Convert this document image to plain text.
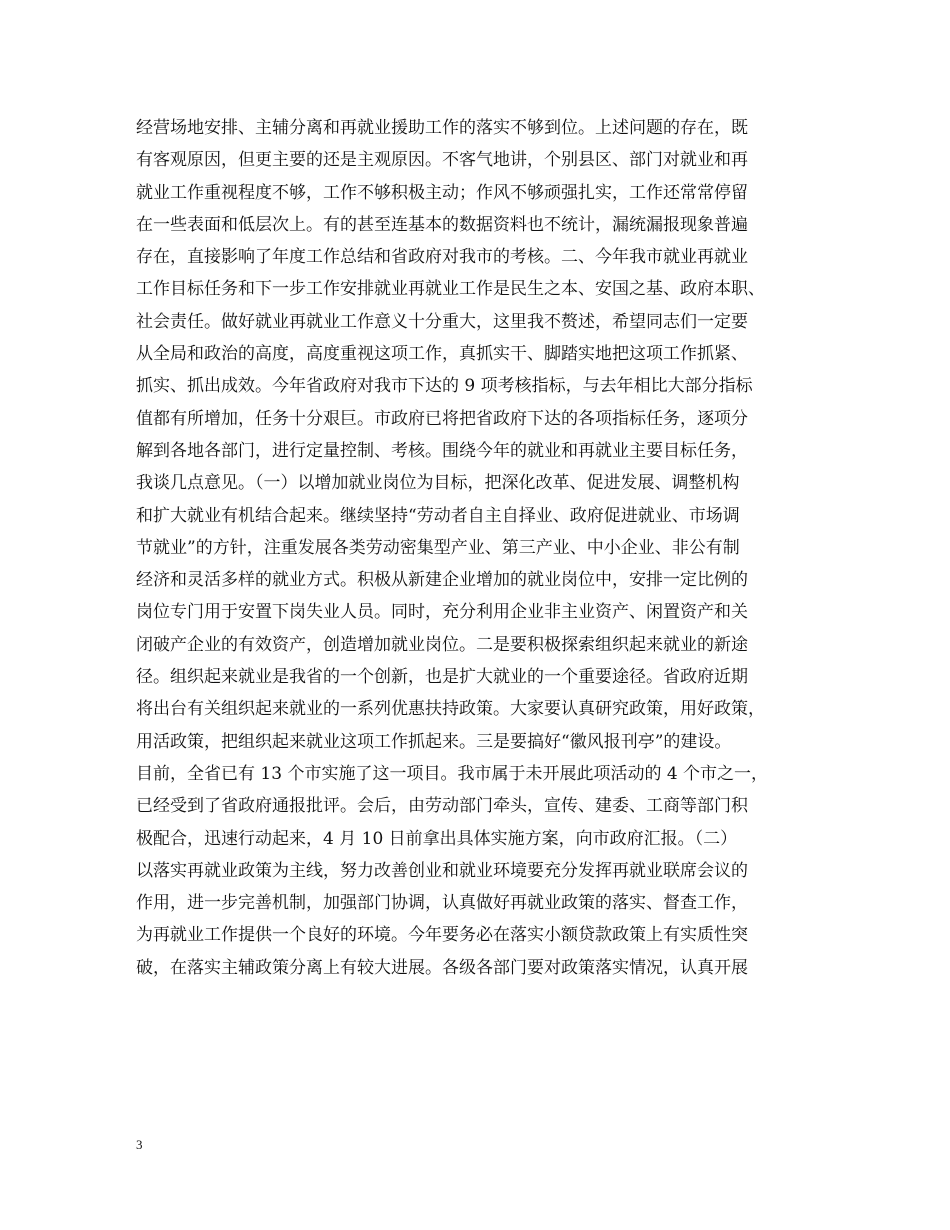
经营场地安排、主辅分离和再就业援助工作的落实不够到位。上述问题的存在，既
有客观原因，但更主要的还是主观原因。不客气地讲，个别县区、部门对就业和再
就业工作重视程度不够，工作不够积极主动；作风不够顽强扎实，工作还常常停留
在一些表面和低层次上。有的甚至连基本的数据资料也不统计，漏统漏报现象普遍
存在，直接影响了年度工作总结和省政府对我市的考核。二、今年我市就业再就业
工作目标任务和下一步工作安排就业再就业工作是民生之本、安国之基、政府本职、
社会责任。做好就业再就业工作意义十分重大，这里我不赘述，希望同志们一定要
从全局和政治的高度，高度重视这项工作，真抓实干、脚踏实地把这项工作抓紧、
抓实、抓出成效。今年省政府对我市下达的 9 项考核指标，与去年相比大部分指标
值都有所增加，任务十分艰巨。市政府已将把省政府下达的各项指标任务，逐项分
解到各地各部门，进行定量控制、考核。围绕今年的就业和再就业主要目标任务，
我谈几点意见。（一）以增加就业岗位为目标，把深化改革、促进发展、调整机构
和扩大就业有机结合起来。继续坚持“劳动者自主自择业、政府促进就业、市场调
节就业”的方针，注重发展各类劳动密集型产业、第三产业、中小企业、非公有制
经济和灵活多样的就业方式。积极从新建企业增加的就业岗位中，安排一定比例的
岗位专门用于安置下岗失业人员。同时，充分利用企业非主业资产、闲置资产和关
闭破产企业的有效资产，创造增加就业岗位。二是要积极探索组织起来就业的新途
径。组织起来就业是我省的一个创新，也是扩大就业的一个重要途径。省政府近期
将出台有关组织起来就业的一系列优惠扶持政策。大家要认真研究政策，用好政策，
用活政策，把组织起来就业这项工作抓起来。三是要搞好“徽风报刊亭”的建设。
目前，全省已有 13 个市实施了这一项目。我市属于未开展此项活动的 4 个市之一，
已经受到了省政府通报批评。会后，由劳动部门牵头，宣传、建委、工商等部门积
极配合，迅速行动起来，4 月 10 日前拿出具体实施方案，向市政府汇报。（二）
以落实再就业政策为主线，努力改善创业和就业环境要充分发挥再就业联席会议的
作用，进一步完善机制，加强部门协调，认真做好再就业政策的落实、督查工作，
为再就业工作提供一个良好的环境。今年要务必在落实小额贷款政策上有实质性突
破，在落实主辅政策分离上有较大进展。各级各部门要对政策落实情况，认真开展
3
